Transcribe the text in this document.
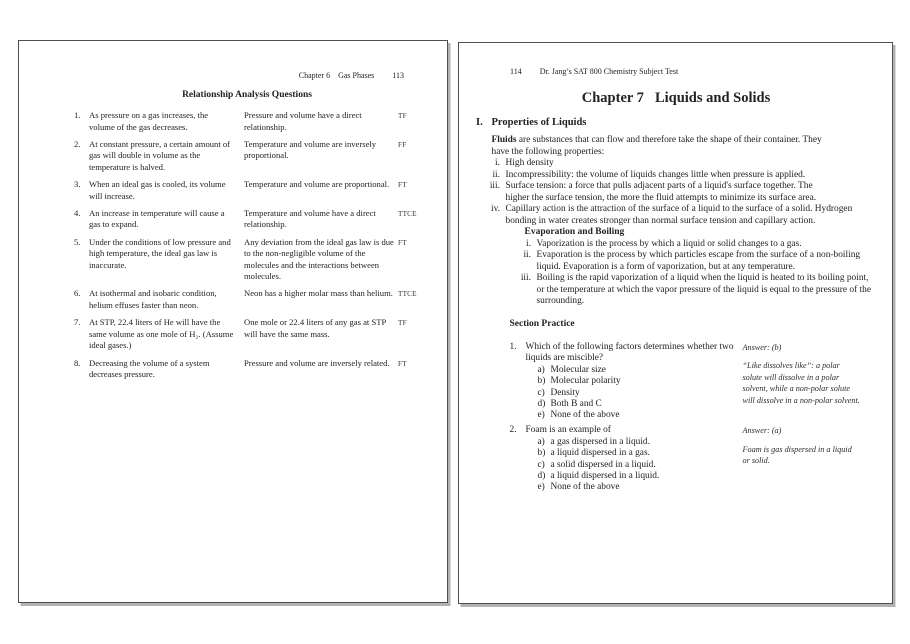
Chapter 6 Gas Phases 113
Relationship Analysis Questions
1. As pressure on a gas increases, the volume of the gas decreases.
Pressure and volume have a direct relationship.
TF
2. At constant pressure, a certain amount of gas will double in volume as the temperature is halved.
Temperature and volume are inversely proportional.
FF
3. When an ideal gas is cooled, its volume will increase.
Temperature and volume are proportional.	FT
4. An increase in temperature will cause a gas to expand.
Temperature and volume have a direct relationship.
TTCE
5. Under the conditions of low pressure and high temperature, the ideal gas law is inaccurate.
Any deviation from the ideal gas law is due to the non-negligible volume of the molecules and the interactions between molecules.
FT
6. At isothermal and isobaric condition, helium effuses faster than neon.
Neon has a higher molar mass than helium. TTCE
7. At STP, 22.4 liters of He will have the same volume as one mole of H₂. (Assume ideal gases.)
One mole or 22.4 liters of any gas at STP will have the same mass.
TF
8. Decreasing the volume of a system decreases pressure.
Pressure and volume are inversely related.	FT
114 Dr. Jang’s SAT 800 Chemistry Subject Test
Chapter 7 Liquids and Solids
I. Properties of Liquids

Fluids are substances that can flow and therefore take the shape of their container. They have the following properties:

i. High density
ii. Incompressibility: the volume of liquids changes little when pressure is applied.
iii. Surface tension: a force that pulls adjacent parts of a liquid's surface together. The higher the surface tension, the more the fluid attempts to minimize its surface area.
iv. Capillary action is the attraction of the surface of a liquid to the surface of a solid. Hydrogen bonding in water creates stronger than normal surface tension and capillary action.
Evaporation and Boiling
i. Vaporization is the process by which a liquid or solid changes to a gas.
ii. Evaporation is the process by which particles escape from the surface of a non-boiling liquid. Evaporation is a form of vaporization, but at any temperature.
iii. Boiling is the rapid vaporization of a liquid when the liquid is heated to its boiling point, or the temperature at which the vapor pressure of the liquid is equal to the pressure of the surrounding.
Section Practice
1. Which of the following factors determines whether two liquids are miscible?
a) Molecular size
b) Molecular polarity
c) Density
d) Both B and C
e) None of the above
Answer: (b)
“Like dissolves like”: a polar solute will dissolve in a polar solvent, while a non-polar solute will dissolve in a non-polar solvent.
2. Foam is an example of
a) a gas dispersed in a liquid.
b) a liquid dispersed in a gas.
c) a solid dispersed in a liquid.
d) a liquid dispersed in a liquid.
e) None of the above
Answer: (a)
Foam is gas dispersed in a liquid or solid.
